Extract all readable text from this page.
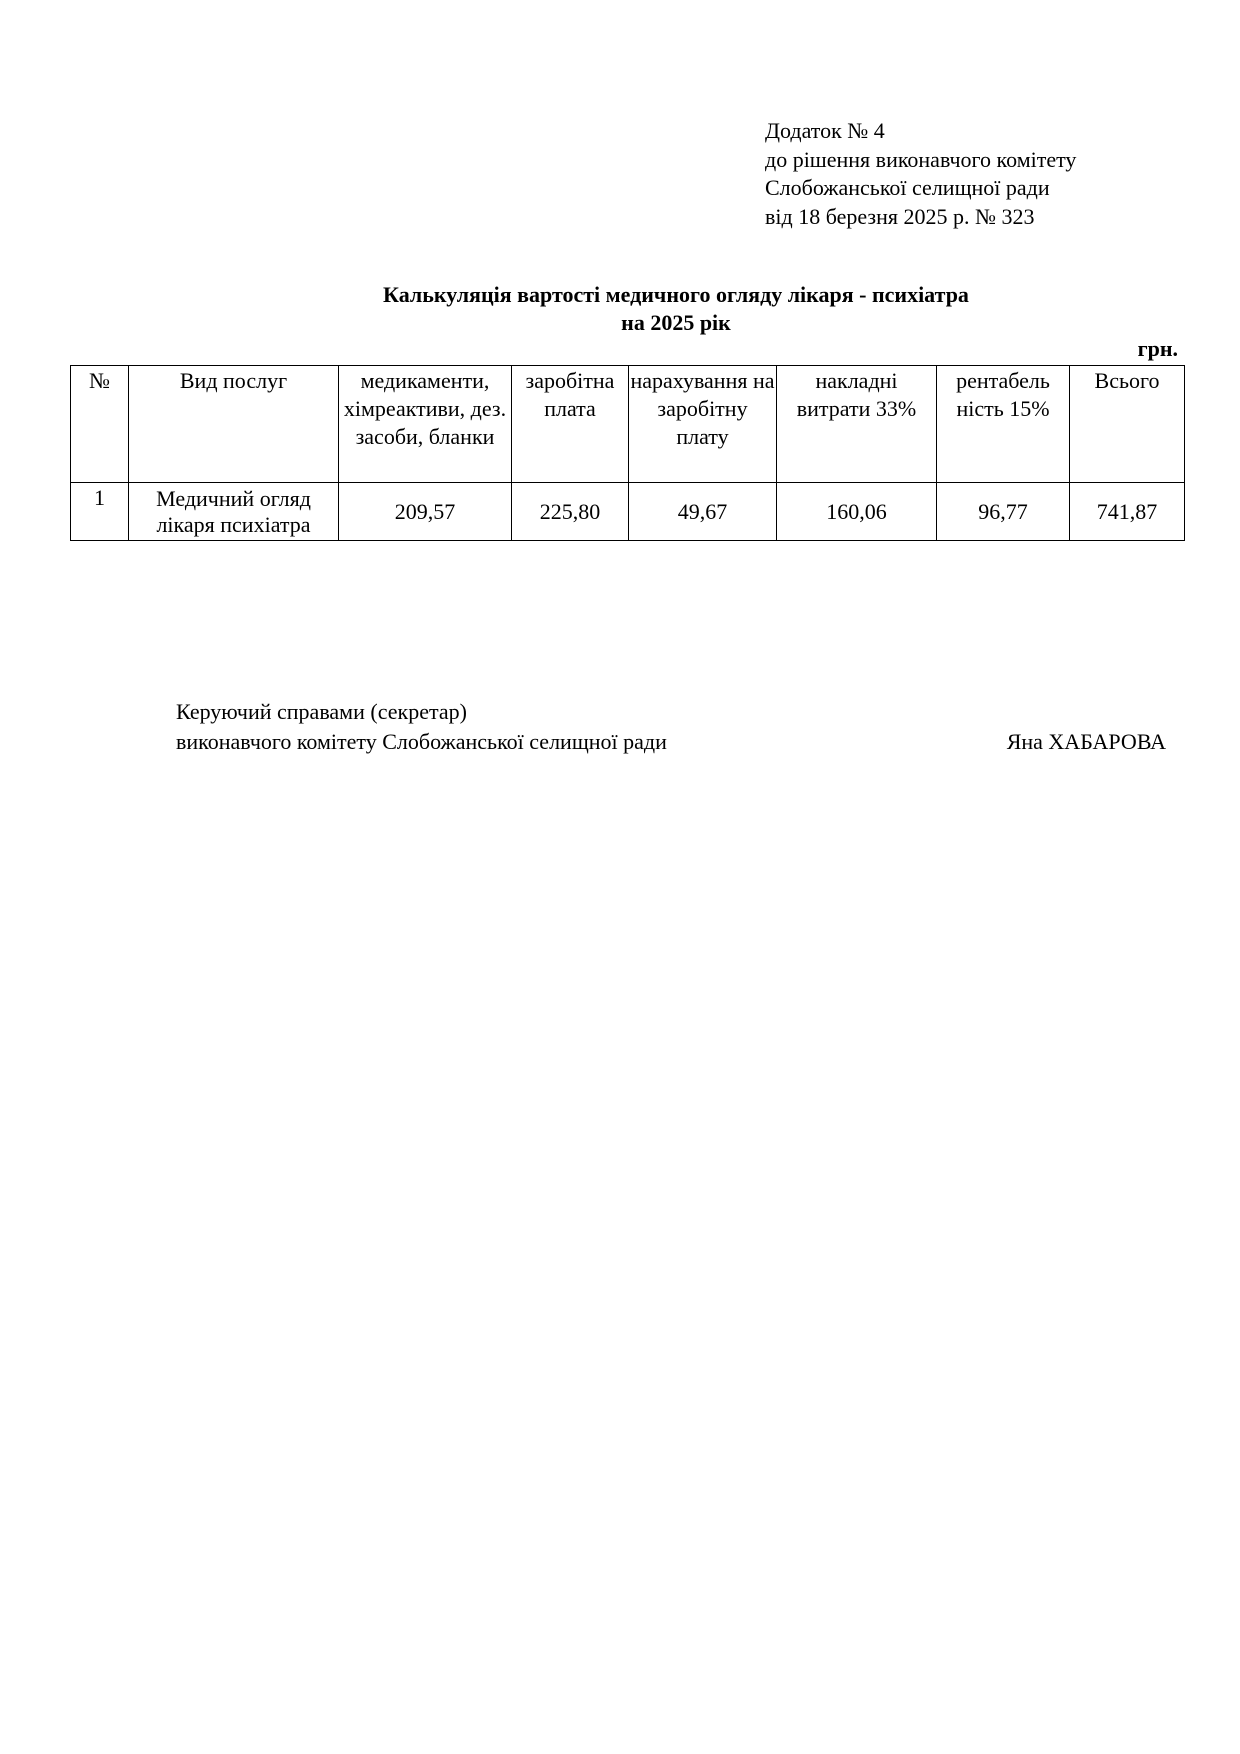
Додаток № 4
до рішення виконавчого комітету
Слобожанської селищної ради
від 18 березня 2025 р. № 323
Калькуляція вартості медичного огляду лікаря - психіатра
на 2025 рік
грн.
№	Вид послуг	медикаменти, хімреактиви, дез. засоби, бланки	заробітна плата	нарахування на заробітну плату	накладні витрати 33%	рентабель ність 15%	Всього
1	Медичний огляд лікаря психіатра	209,57	225,80	49,67	160,06	96,77	741,87
Керуючий справами (секретар)
виконавчого комітету Слобожанської селищної ради	Яна ХАБАРОВА
